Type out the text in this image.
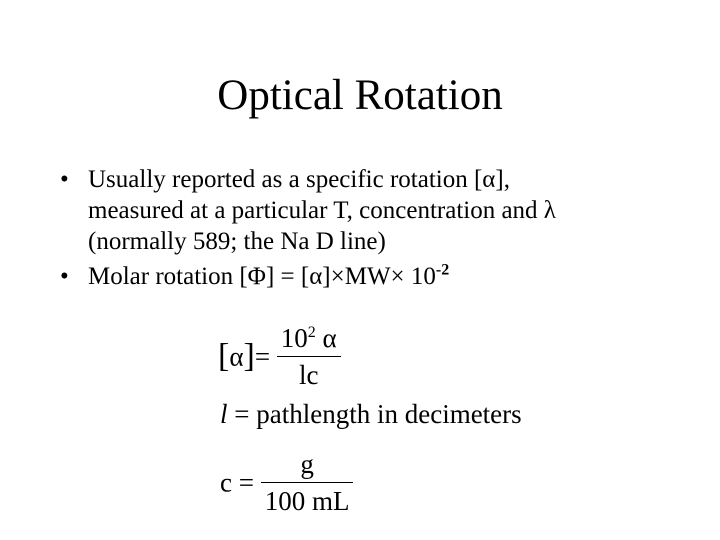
Optical Rotation
• Usually reported as a specific rotation [α],
measured at a particular T, concentration and λ
(normally 589; the Na D line)
• Molar rotation $[\Phi] = [\alpha]\times MW\times 10^{-2}$
$[\alpha]= \frac{10^2 \alpha}{lc}$
l = pathlength in decimeters
$c = \frac{g}{100 mL}$
